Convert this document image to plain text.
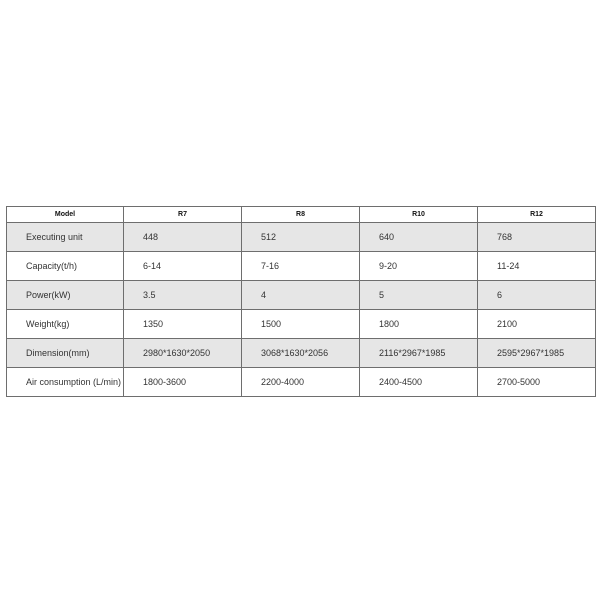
Model	R7	R8	R10	R12
Executing unit	448	512	640	768
Capacity(t/h)	6-14	7-16	9-20	11-24
Power(kW)	3.5	4	5	6
Weight(kg)	1350	1500	1800	2100
Dimension(mm)	2980*1630*2050	3068*1630*2056	2116*2967*1985	2595*2967*1985
Air consumption (L/min)	1800-3600	2200-4000	2400-4500	2700-5000
